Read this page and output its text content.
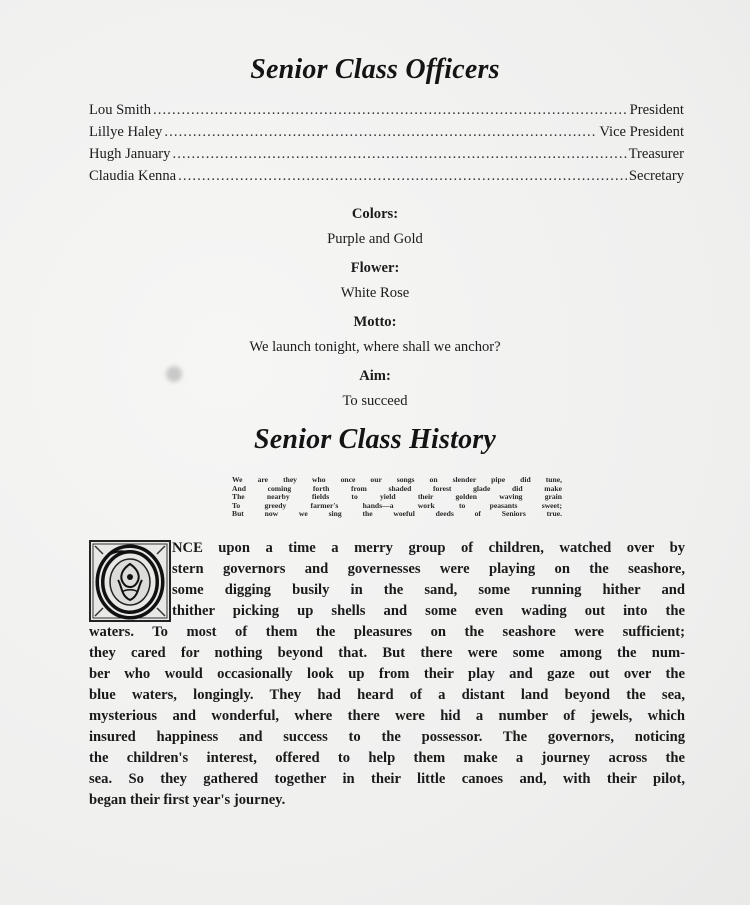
Senior Class Officers
Lou Smith .....	President
Lillye Haley .....	Vice President
Hugh January .....	Treasurer
Claudia Kenna .....	Secretary
Colors:
Purple and Gold
Flower:
White Rose
Motto:
We launch tonight, where shall we anchor?
Aim:
To succeed
Senior Class History
We are they who once our songs on slender pipe did tune,
And coming forth from shaded forest glade did make
The nearby fields to yield their golden waving grain
To greedy farmer's hands—a work to peasants sweet;
But now we sing the woeful deeds of Seniors true.
NCE upon a time a merry group of children, watched over by
stern governors and governesses were playing on the seashore,
some digging busily in the sand, some running hither and
thither picking up shells and some even wading out into the
waters. To most of them the pleasures on the seashore were sufficient;
they cared for nothing beyond that. But there were some among the num-
ber who would occasionally look up from their play and gaze out over the
blue waters, longingly. They had heard of a distant land beyond the sea,
mysterious and wonderful, where there were hid a number of jewels, which
insured happiness and success to the possessor. The governors, noticing
the children's interest, offered to help them make a journey across the
sea. So they gathered together in their little canoes and, with their pilot,
began their first year's journey.
